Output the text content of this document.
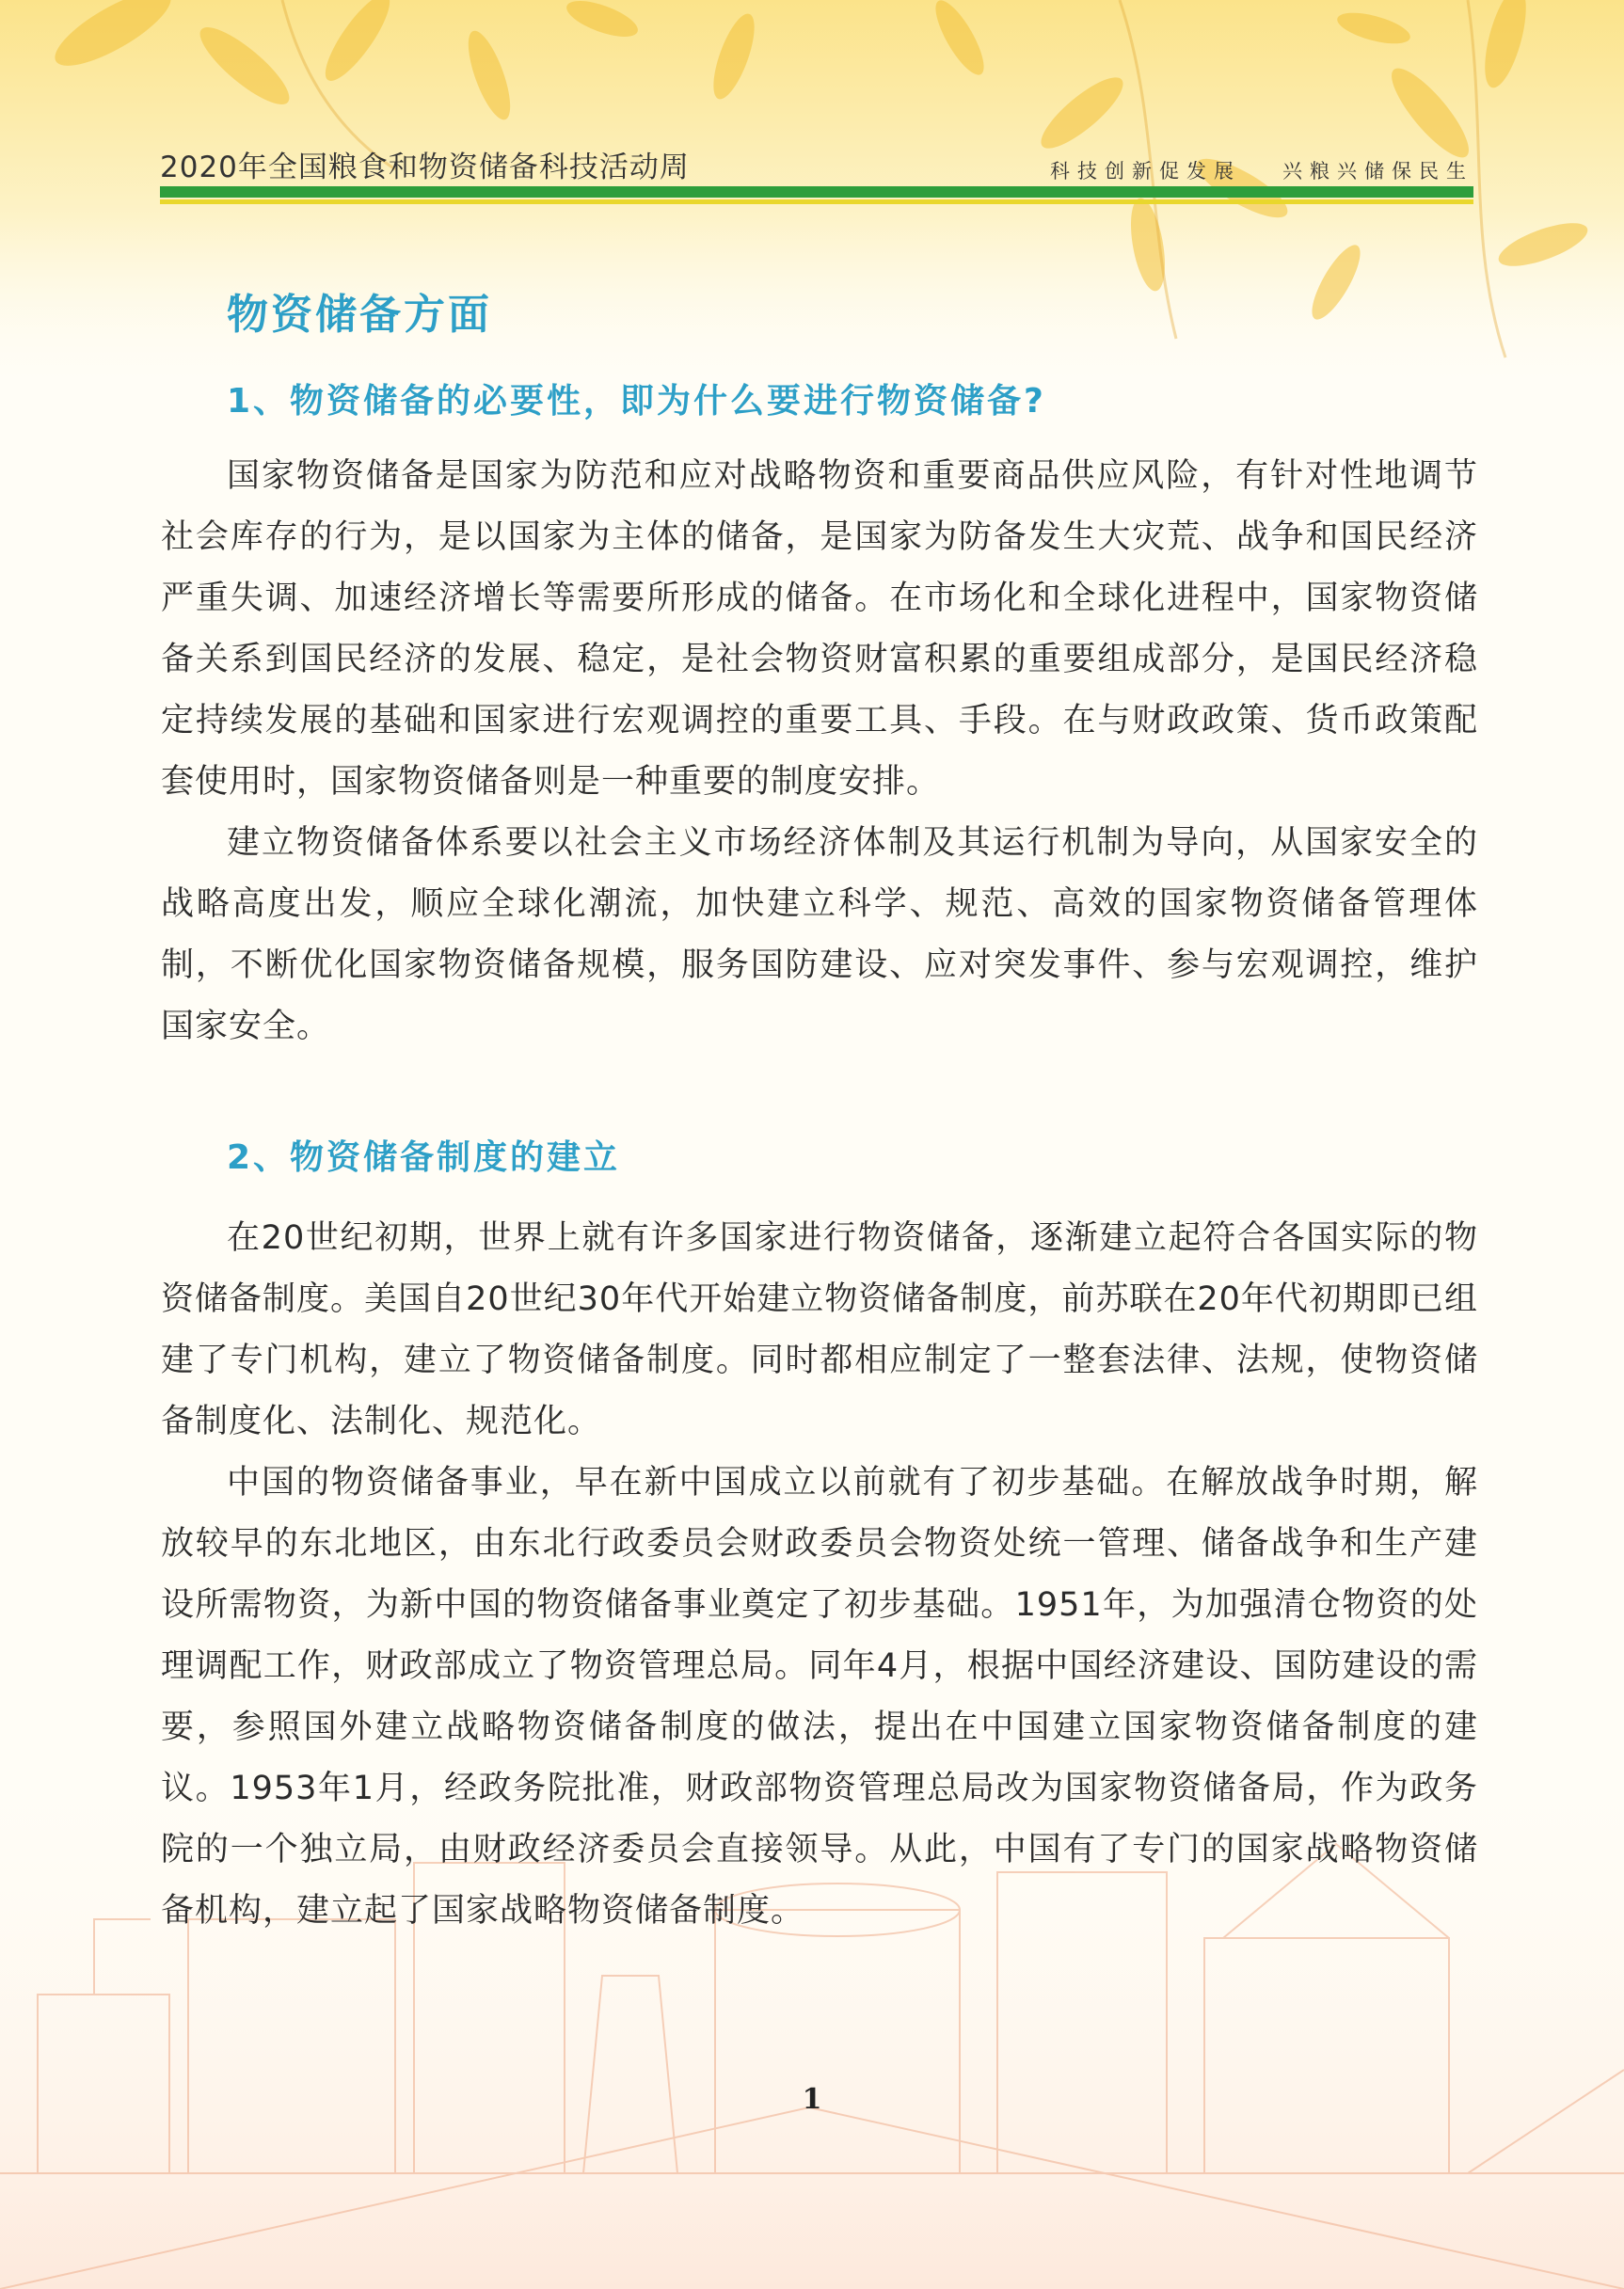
2020年全国粮食和物资储备科技活动周	科技创新促发展   兴粮兴储保民生
物资储备方面
1、物资储备的必要性，即为什么要进行物资储备?

国家物资储备是国家为防范和应对战略物资和重要商品供应风险，有针对性地调节社会库存的行为，是以国家为主体的储备，是国家为防备发生大灾荒、战争和国民经济严重失调、加速经济增长等需要所形成的储备。在市场化和全球化进程中，国家物资储备关系到国民经济的发展、稳定，是社会物资财富积累的重要组成部分，是国民经济稳定持续发展的基础和国家进行宏观调控的重要工具、手段。在与财政政策、货币政策配套使用时，国家物资储备则是一种重要的制度安排。

建立物资储备体系要以社会主义市场经济体制及其运行机制为导向，从国家安全的战略高度出发，顺应全球化潮流，加快建立科学、规范、高效的国家物资储备管理体制，不断优化国家物资储备规模，服务国防建设、应对突发事件、参与宏观调控，维护国家安全。

2、物资储备制度的建立

在20世纪初期，世界上就有许多国家进行物资储备，逐渐建立起符合各国实际的物资储备制度。美国自20世纪30年代开始建立物资储备制度，前苏联在20年代初期即已组建了专门机构，建立了物资储备制度。同时都相应制定了一整套法律、法规，使物资储备制度化、法制化、规范化。

中国的物资储备事业，早在新中国成立以前就有了初步基础。在解放战争时期，解放较早的东北地区，由东北行政委员会财政委员会物资处统一管理、储备战争和生产建设所需物资，为新中国的物资储备事业奠定了初步基础。1951年，为加强清仓物资的处理调配工作，财政部成立了物资管理总局。同年4月，根据中国经济建设、国防建设的需要，参照国外建立战略物资储备制度的做法，提出在中国建立国家物资储备制度的建议。1953年1月，经政务院批准，财政部物资管理总局改为国家物资储备局，作为政务院的一个独立局，由财政经济委员会直接领导。从此，中国有了专门的国家战略物资储备机构，建立起了国家战略物资储备制度。

1
